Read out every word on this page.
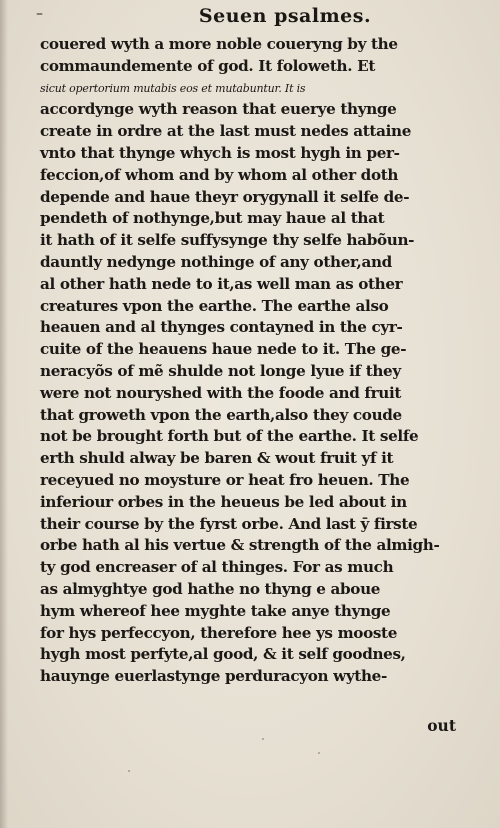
–	Seuen psalmes.
couered wyth a more noble coueryng by the
commaundemente of god. It foloweth. Et
sicut opertorium mutabis eos et mutabuntur. It is
accordynge wyth reason that euerye thynge
create in ordre at the last must nedes attaine
vnto that thynge whych is most hygh in per-
feccion,of whom and by whom al other doth
depende and haue theyr orygynall it selfe de-
pendeth of nothynge,but may haue al that
it hath of it selfe suffysynge thy selfe habõun-
dauntly nedynge nothinge of any other,and
al other hath nede to it,as well man as other
creatures vpon the earthe. The earthe also
heauen and al thynges contayned in the cyr-
cuite of the heauens haue nede to it. The ge-
neracyõs of mẽ shulde not longe lyue if they
were not nouryshed with the foode and fruit
that groweth vpon the earth,also they coude
not be brought forth but of the earthe. It selfe
erth shuld alway be baren & wout fruit yf it
receyued no moysture or heat fro heuen. The
inferiour orbes in the heueus be led about in
their course by the fyrst orbe. And last ȳ firste
orbe hath al his vertue & strength of the almigh-
ty god encreaser of al thinges. For as much
as almyghtye god hathe no thyng e aboue
hym whereof hee myghte take anye thynge
for hys perfeccyon, therefore hee ys mooste
hygh most perfyte,al good, & it self goodnes,
hauynge euerlastynge perduracyon wythe-
out
